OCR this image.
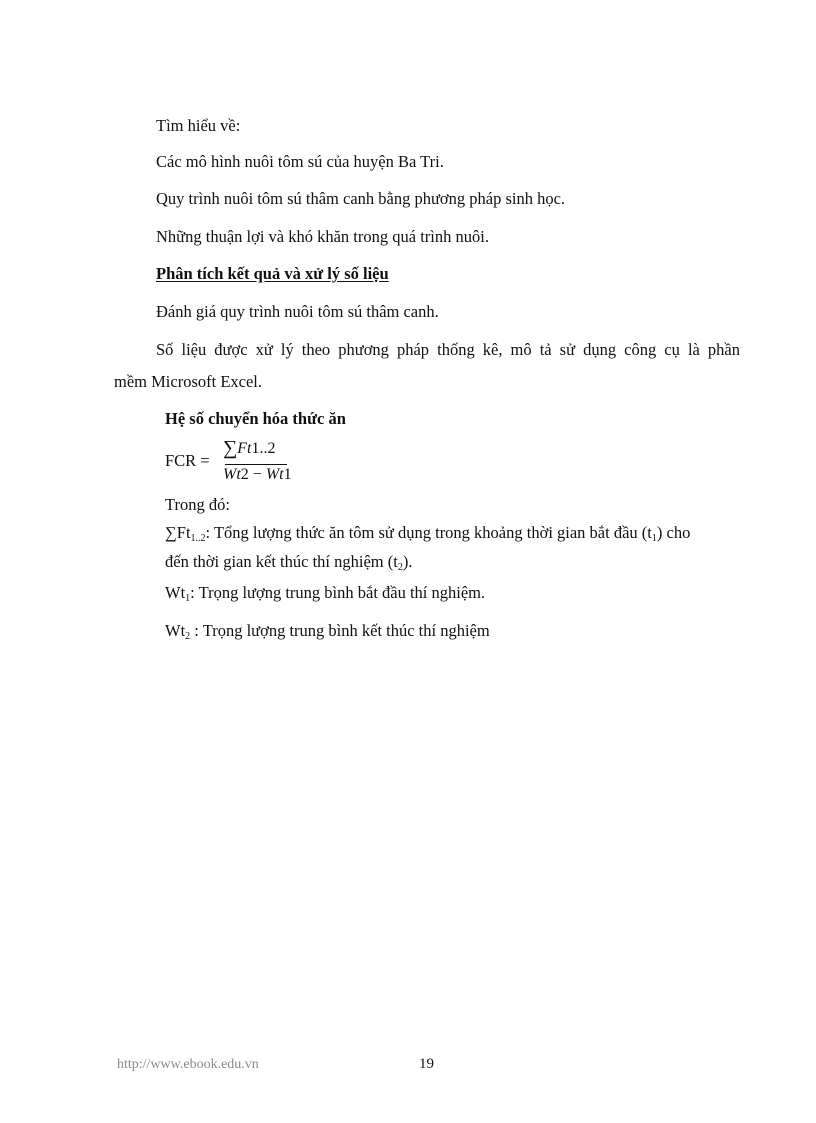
Tìm hiểu về:
Các mô hình nuôi tôm sú của huyện Ba Tri.
Quy trình nuôi tôm sú thâm canh bằng phương pháp sinh học.
Những thuận lợi và khó khăn trong quá trình nuôi.
Phân tích kết quả và xử lý số liệu
Đánh giá quy trình nuôi tôm sú thâm canh.
Số liệu được xử lý theo phương pháp thống kê, mô tả sử dụng công cụ là phần
mềm Microsoft Excel.
Hệ số chuyển hóa thức ăn
FCR =
∑Ft1..2
Wt2 − Wt1
Trong đó:
$\sum Ft_{1..2}$: Tổng lượng thức ăn tôm sử dụng trong khoảng thời gian bắt đầu $(t_1)$ cho
đến thời gian kết thúc thí nghiệm $(t_2)$.
$Wt_1$: Trọng lượng trung bình bắt đầu thí nghiệm.
$Wt_2$ : Trọng lượng trung bình kết thúc thí nghiệm
http://www.ebook.edu.vn	19
